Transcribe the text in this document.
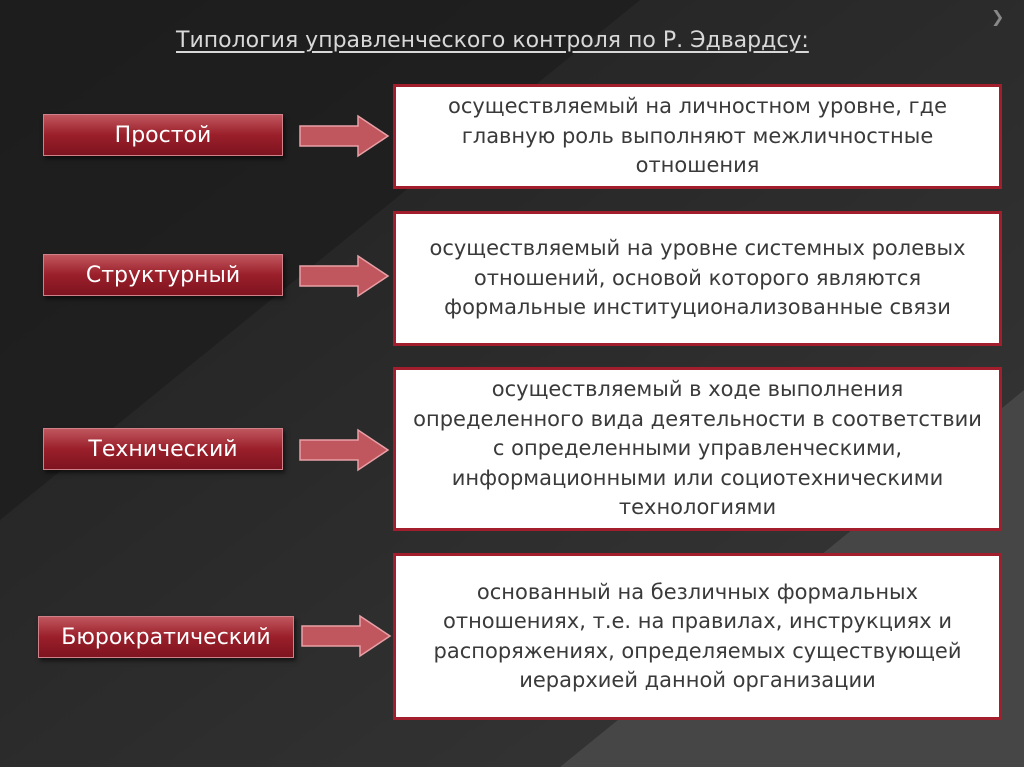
❯
Типология управленческого контроля по Р. Эдвардсу:
Простой
осуществляемый на личностном уровне, где главную роль выполняют межличностные отношения
Структурный
осуществляемый на уровне системных ролевых отношений, основой которого являются формальные институционализованные связи
Технический
осуществляемый в ходе выполнения определенного вида деятельности в соответствии с определенными управленческими, информационными или социотехническими технологиями
Бюрократический
основанный на безличных формальных отношениях, т.е. на правилах, инструкциях и распоряжениях, определяемых существующей иерархией данной организации
